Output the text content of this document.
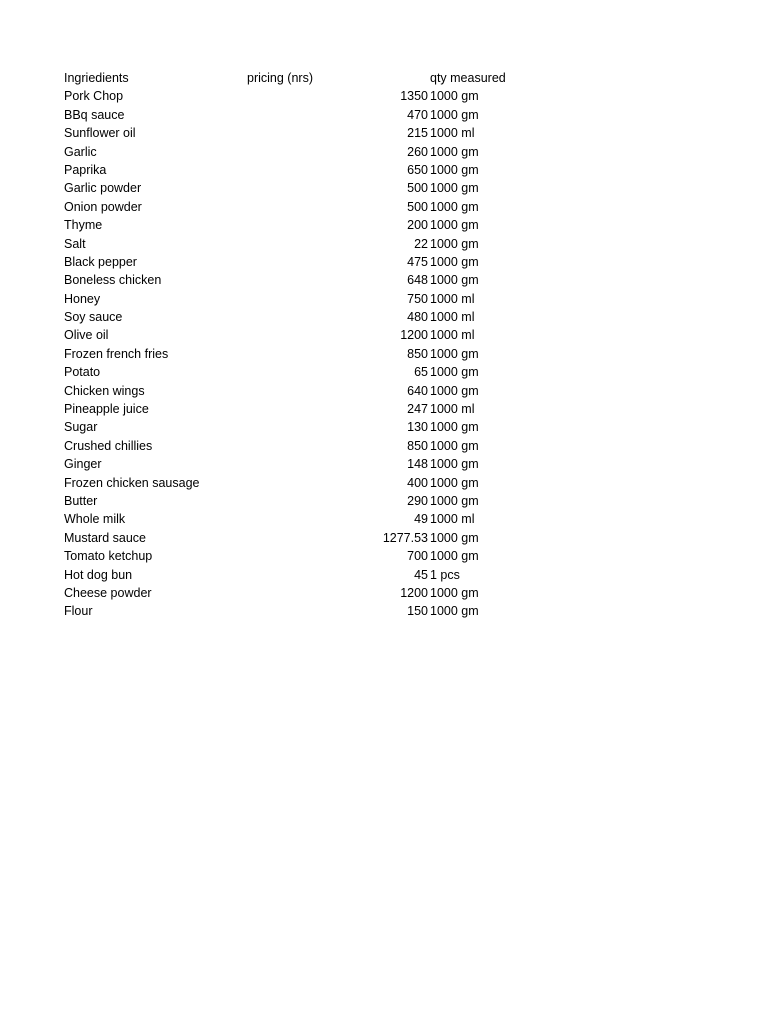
Ingriedients	pricing (nrs)	qty measured
Pork Chop	1350 1000 gm
BBq sauce	470 1000 gm
Sunflower oil	215 1000 ml
Garlic	260 1000 gm
Paprika	650 1000 gm
Garlic powder	500 1000 gm
Onion powder	500 1000 gm
Thyme	200 1000 gm
Salt	22 1000 gm
Black pepper	475 1000 gm
Boneless chicken	648 1000 gm
Honey	750 1000 ml
Soy sauce	480 1000 ml
Olive oil	1200 1000 ml
Frozen french fries	850 1000 gm
Potato	65 1000 gm
Chicken wings	640 1000 gm
Pineapple juice	247 1000 ml
Sugar	130 1000 gm
Crushed chillies	850 1000 gm
Ginger	148 1000 gm
Frozen chicken sausage	400 1000 gm
Butter	290 1000 gm
Whole milk	49 1000 ml
Mustard sauce	1277.53 1000 gm
Tomato ketchup	700 1000 gm
Hot dog bun	45 1 pcs
Cheese powder	1200 1000 gm
Flour	150 1000 gm
